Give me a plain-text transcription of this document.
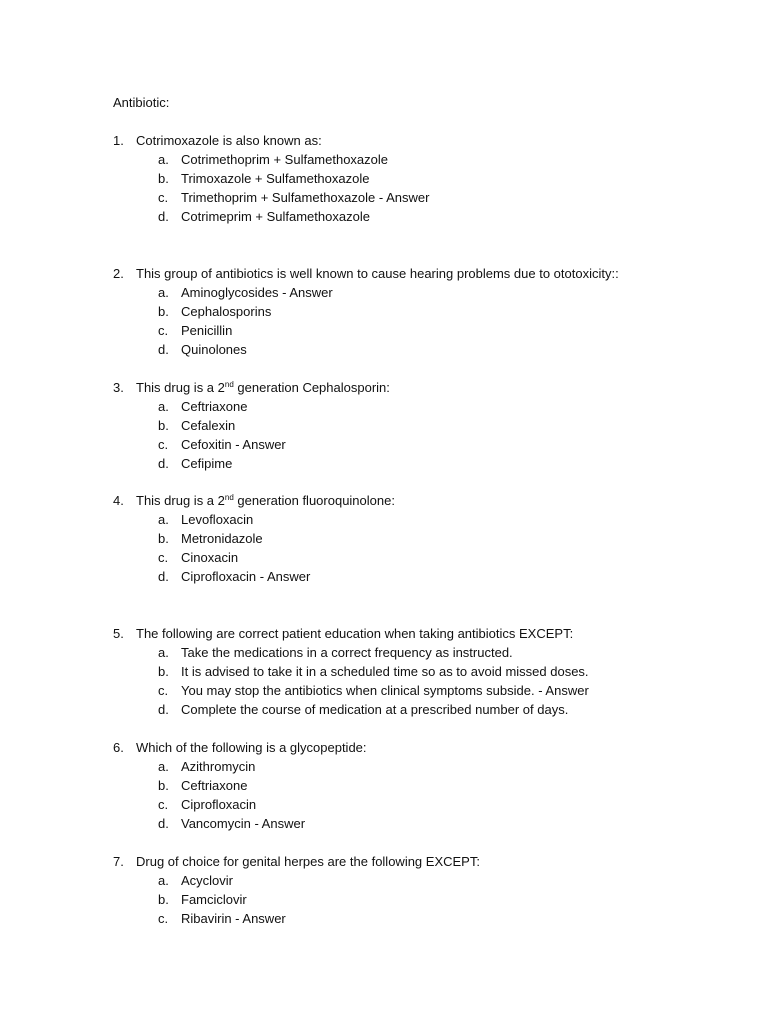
Antibiotic:
1. Cotrimoxazole is also known as:
a. Cotrimethoprim + Sulfamethoxazole
b. Trimoxazole + Sulfamethoxazole
c. Trimethoprim + Sulfamethoxazole - Answer
d. Cotrimeprim + Sulfamethoxazole
2. This group of antibiotics is well known to cause hearing problems due to ototoxicity::
a. Aminoglycosides - Answer
b. Cephalosporins
c. Penicillin
d. Quinolones
3. This drug is a 2nd generation Cephalosporin:
a. Ceftriaxone
b. Cefalexin
c. Cefoxitin - Answer
d. Cefipime
4. This drug is a 2nd generation fluoroquinolone:
a. Levofloxacin
b. Metronidazole
c. Cinoxacin
d. Ciprofloxacin - Answer
5. The following are correct patient education when taking antibiotics EXCEPT:
a. Take the medications in a correct frequency as instructed.
b. It is advised to take it in a scheduled time so as to avoid missed doses.
c. You may stop the antibiotics when clinical symptoms subside. - Answer
d. Complete the course of medication at a prescribed number of days.
6. Which of the following is a glycopeptide:
a. Azithromycin
b. Ceftriaxone
c. Ciprofloxacin
d. Vancomycin - Answer
7. Drug of choice for genital herpes are the following EXCEPT:
a. Acyclovir
b. Famciclovir
c. Ribavirin - Answer
